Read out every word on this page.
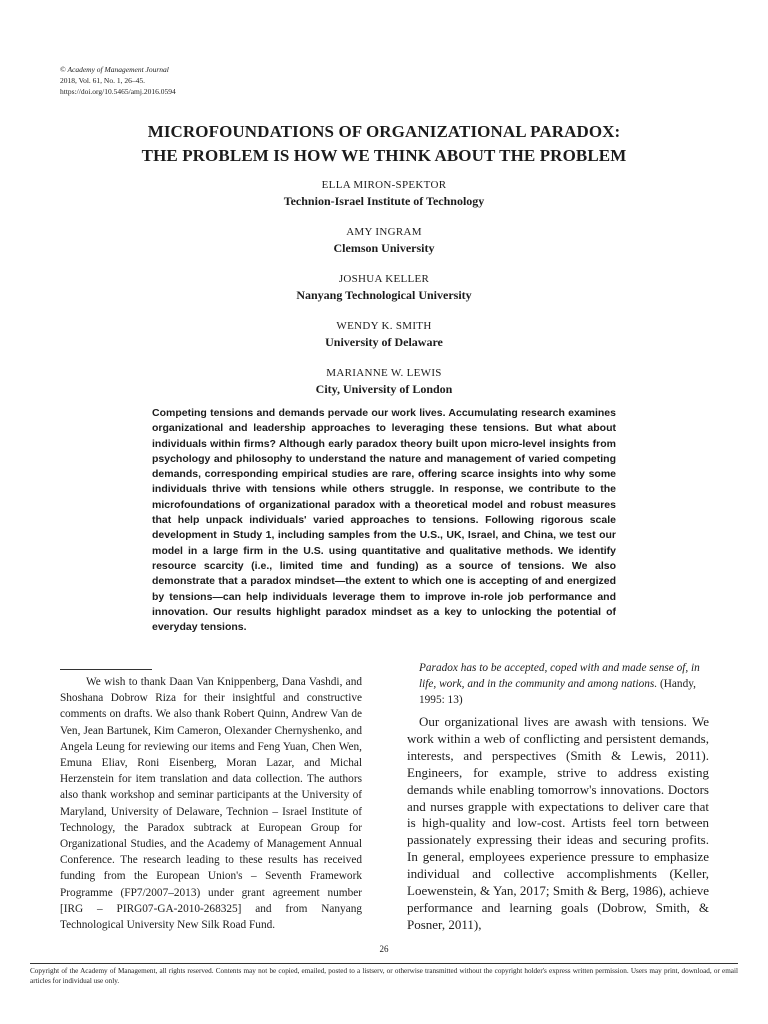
© Academy of Management Journal
2018, Vol. 61, No. 1, 26–45.
https://doi.org/10.5465/amj.2016.0594
MICROFOUNDATIONS OF ORGANIZATIONAL PARADOX:
THE PROBLEM IS HOW WE THINK ABOUT THE PROBLEM
ELLA MIRON-SPEKTOR
Technion-Israel Institute of Technology
AMY INGRAM
Clemson University
JOSHUA KELLER
Nanyang Technological University
WENDY K. SMITH
University of Delaware
MARIANNE W. LEWIS
City, University of London
Competing tensions and demands pervade our work lives. Accumulating research examines organizational and leadership approaches to leveraging these tensions. But what about individuals within firms? Although early paradox theory built upon micro-level insights from psychology and philosophy to understand the nature and management of varied competing demands, corresponding empirical studies are rare, offering scarce insights into why some individuals thrive with tensions while others struggle. In response, we contribute to the microfoundations of organizational paradox with a theoretical model and robust measures that help unpack individuals' varied approaches to tensions. Following rigorous scale development in Study 1, including samples from the U.S., UK, Israel, and China, we test our model in a large firm in the U.S. using quantitative and qualitative methods. We identify resource scarcity (i.e., limited time and funding) as a source of tensions. We also demonstrate that a paradox mindset—the extent to which one is accepting of and energized by tensions—can help individuals leverage them to improve in-role job performance and innovation. Our results highlight paradox mindset as a key to unlocking the potential of everyday tensions.
We wish to thank Daan Van Knippenberg, Dana Vashdi, and Shoshana Dobrow Riza for their insightful and constructive comments on drafts. We also thank Robert Quinn, Andrew Van de Ven, Jean Bartunek, Kim Cameron, Olexander Chernyshenko, and Angela Leung for reviewing our items and Feng Yuan, Chen Wen, Emuna Eliav, Roni Eisenberg, Moran Lazar, and Michal Herzenstein for item translation and data collection. The authors also thank workshop and seminar participants at the University of Maryland, University of Delaware, Technion – Israel Institute of Technology, the Paradox subtrack at European Group for Organizational Studies, and the Academy of Management Annual Conference. The research leading to these results has received funding from the European Union's – Seventh Framework Programme (FP7/2007–2013) under grant agreement number [IRG – PIRG07-GA-2010-268325] and from Nanyang Technological University New Silk Road Fund.
Paradox has to be accepted, coped with and made sense of, in life, work, and in the community and among nations. (Handy, 1995: 13)
Our organizational lives are awash with tensions. We work within a web of conflicting and persistent demands, interests, and perspectives (Smith & Lewis, 2011). Engineers, for example, strive to address existing demands while enabling tomorrow's innovations. Doctors and nurses grapple with expectations to deliver care that is high-quality and low-cost. Artists feel torn between passionately expressing their ideas and securing profits. In general, employees experience pressure to emphasize individual and collective accomplishments (Keller, Loewenstein, & Yan, 2017; Smith & Berg, 1986), achieve performance and learning goals (Dobrow, Smith, & Posner, 2011),
26
Copyright of the Academy of Management, all rights reserved. Contents may not be copied, emailed, posted to a listserv, or otherwise transmitted without the copyright holder's express written permission. Users may print, download, or email articles for individual use only.
